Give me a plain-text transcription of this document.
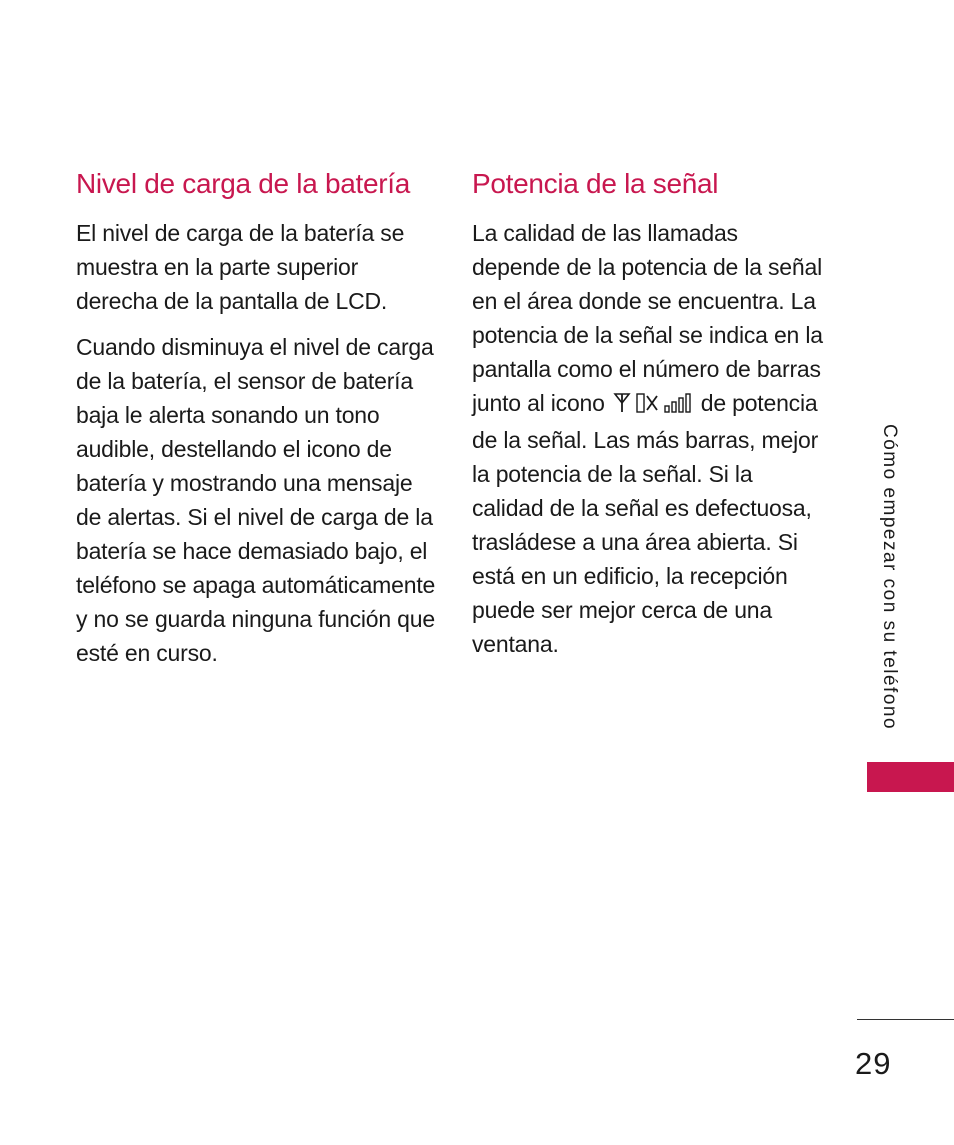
Nivel de carga de la batería

El nivel de carga de la batería se muestra en la parte superior derecha de la pantalla de LCD.

Cuando disminuya el nivel de carga de la batería, el sensor de batería baja le alerta sonando un tono audible, destellando el icono de batería y mostrando una mensaje de alertas. Si el nivel de carga de la batería se hace demasiado bajo, el teléfono se apaga automáticamente y no se guarda ninguna función que esté en curso.

Potencia de la señal

La calidad de las llamadas depende de la potencia de la señal en el área donde se encuentra. La potencia de la señal se indica en la pantalla como el número de barras junto al icono	de potencia de la señal. Las más barras, mejor la potencia de la señal. Si la calidad de la señal es defectuosa, trasládese a una área abierta. Si está en un edificio, la recepción puede ser mejor cerca de una ventana.	Cómo empezar con su teléfono
29
